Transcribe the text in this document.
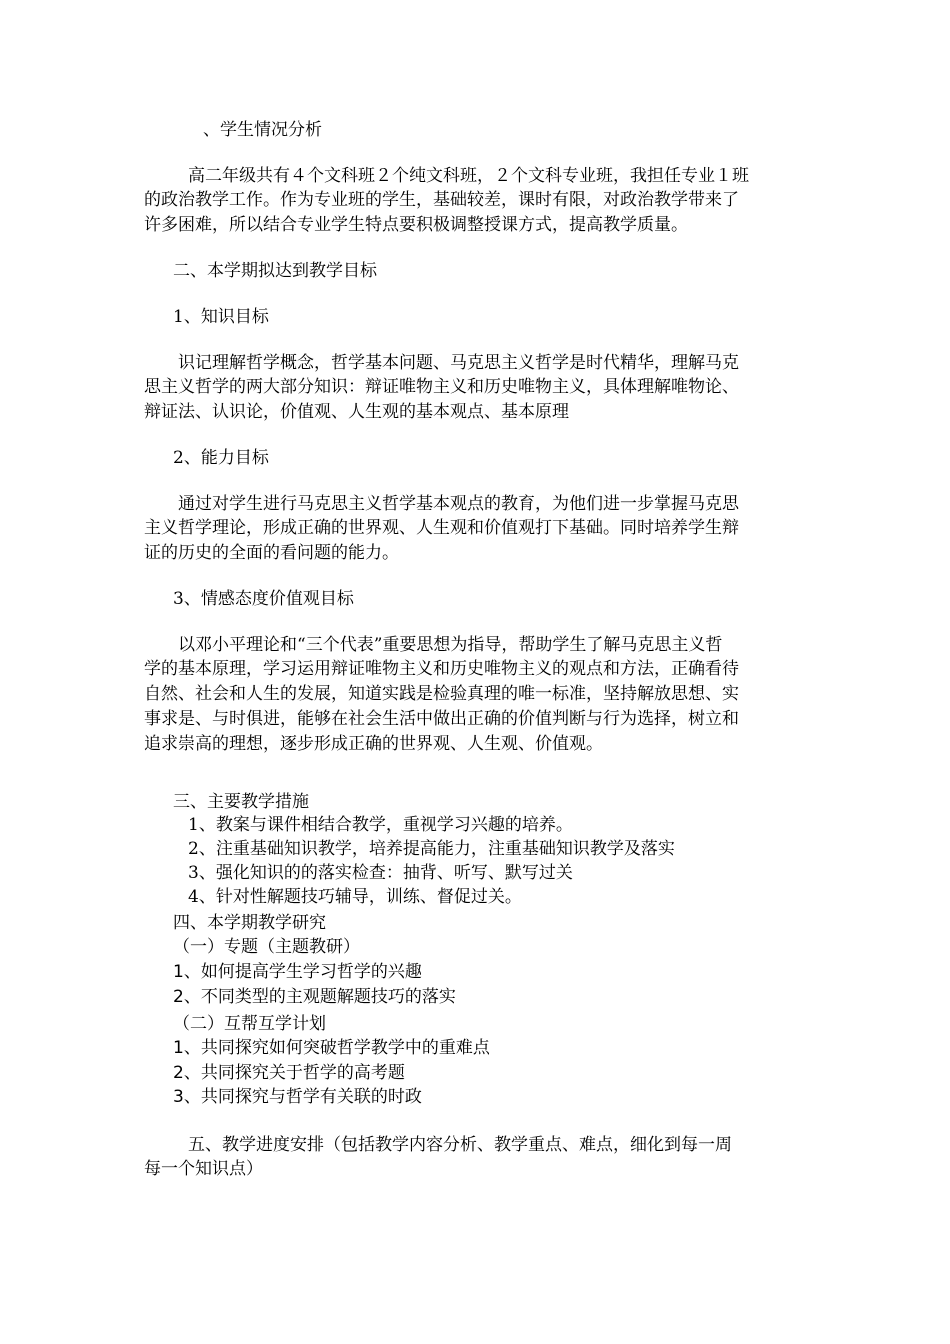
、学生情况分析
高二年级共有４个文科班２个纯文科班，２个文科专业班，我担任专业１班
的政治教学工作。作为专业班的学生，基础较差，课时有限，对政治教学带来了
许多困难，所以结合专业学生特点要积极调整授课方式，提高教学质量。
二、本学期拟达到教学目标
1、知识目标
识记理解哲学概念，哲学基本问题、马克思主义哲学是时代精华，理解马克
思主义哲学的两大部分知识：辩证唯物主义和历史唯物主义，具体理解唯物论、
辩证法、认识论，价值观、人生观的基本观点、基本原理
2、能力目标
通过对学生进行马克思主义哲学基本观点的教育，为他们进一步掌握马克思
主义哲学理论，形成正确的世界观、人生观和价值观打下基础。同时培养学生辩
证的历史的全面的看问题的能力。
3、情感态度价值观目标
以邓小平理论和“三个代表”重要思想为指导，帮助学生了解马克思主义哲
学的基本原理，学习运用辩证唯物主义和历史唯物主义的观点和方法，正确看待
自然、社会和人生的发展，知道实践是检验真理的唯一标准，坚持解放思想、实
事求是、与时俱进，能够在社会生活中做出正确的价值判断与行为选择，树立和
追求崇高的理想，逐步形成正确的世界观、人生观、价值观。
三、主要教学措施
1、教案与课件相结合教学，重视学习兴趣的培养。
2、注重基础知识教学，培养提高能力，注重基础知识教学及落实
3、强化知识的的落实检查：抽背、听写、默写过关
4、针对性解题技巧辅导，训练、督促过关。
四、本学期教学研究
（一）专题（主题教研）
1、如何提高学生学习哲学的兴趣
2、不同类型的主观题解题技巧的落实
（二）互帮互学计划
1、共同探究如何突破哲学教学中的重难点
2、共同探究关于哲学的高考题
3、共同探究与哲学有关联的时政
五、教学进度安排（包括教学内容分析、教学重点、难点，细化到每一周
每一个知识点）
